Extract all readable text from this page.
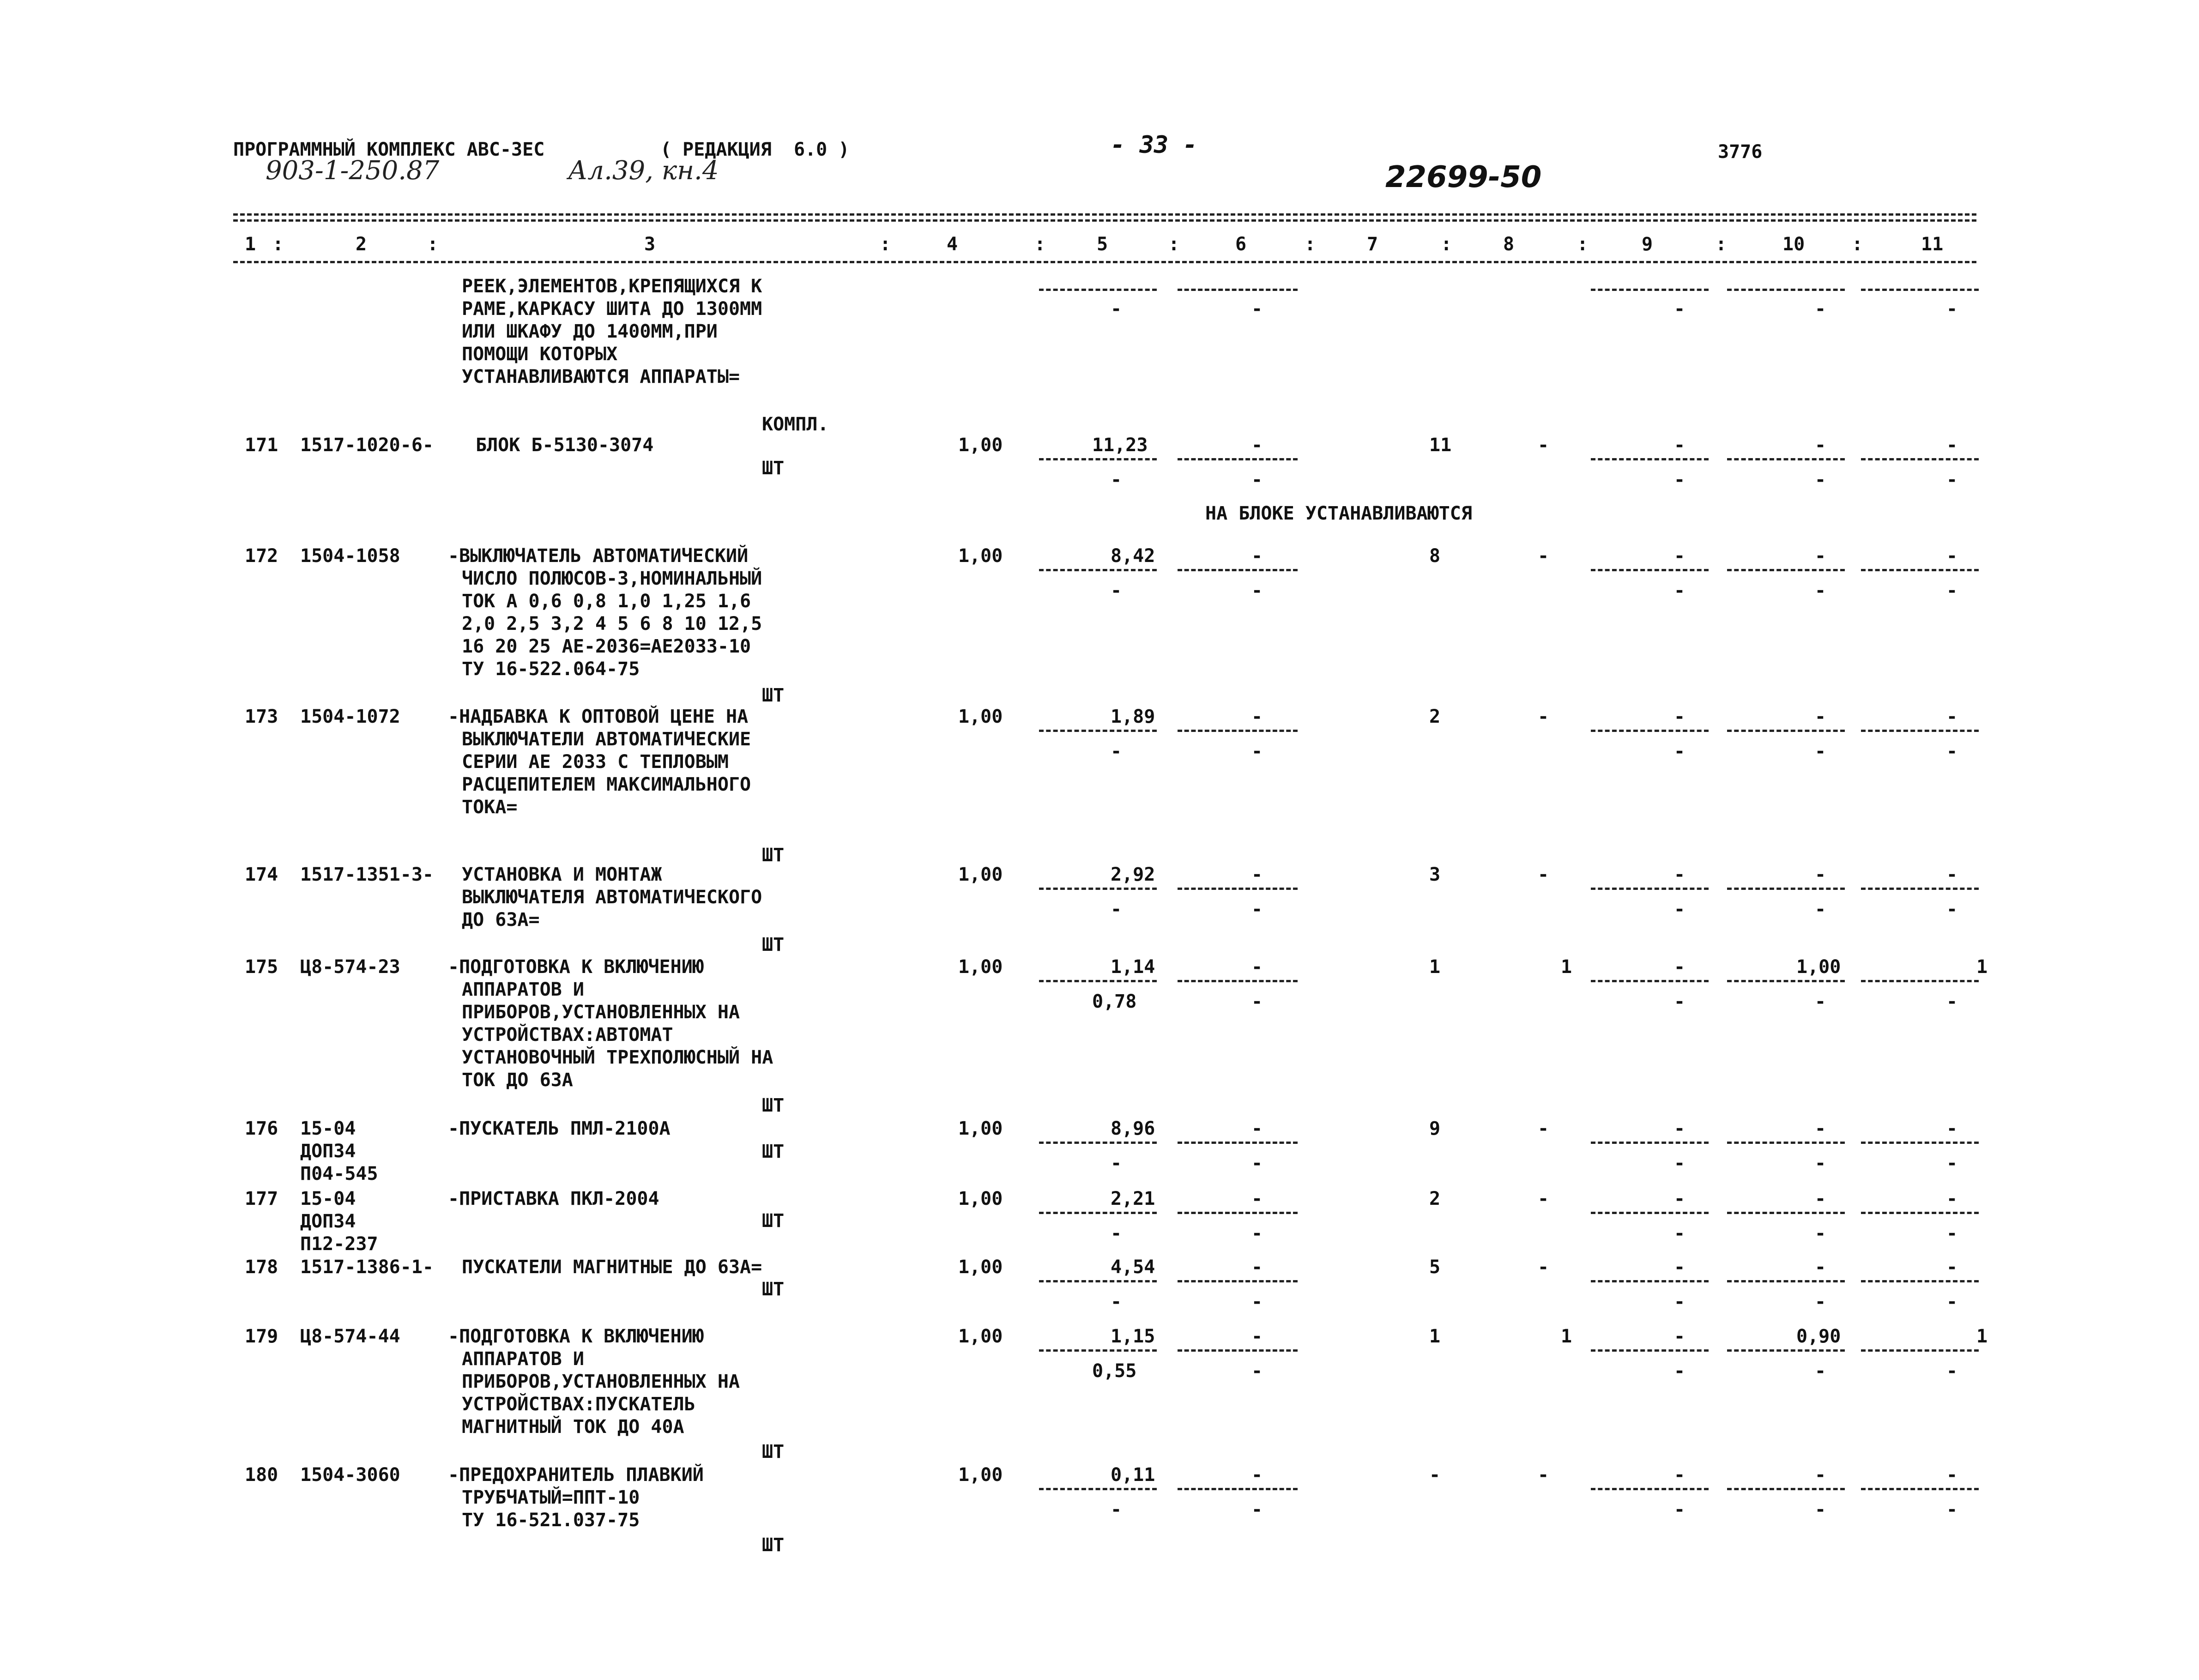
ПРОГРАММНЫЙ КОМПЛЕКС АВС-3ЕС	( РЕДАКЦИЯ  6.0 )	- 33 -	3776
903-1-250.87	Ал.39, кн.4	22699-50
1	2	3	4	5	6	7	8	9	10	11
:	:	:	:	:	:	:	:	:	:
РЕЕК,ЭЛЕМЕНТОВ,КРЕПЯЩИХСЯ К
РАМЕ,КАРКАСУ ШИТА ДО 1300ММ
ИЛИ ШКАФУ ДО 1400ММ,ПРИ
ПОМОЩИ КОТОРЫХ
УСТАНАВЛИВАЮТСЯ АППАРАТЫ=
-	-	-	-	-
171 1517-1020-6- БЛОК Б-5130-3074
КОМПЛ.
ШТ
1,00	11,23	-	11	-	-	-	-
-	-	-	-	-
172 1504-1058	-ВЫКЛЮЧАТЕЛЬ АВТОМАТИЧЕСКИЙ
ЧИСЛО ПОЛЮСОВ-3,НОМИНАЛЬНЫЙ
ТОК А 0,6 0,8 1,0 1,25 1,6
2,0 2,5 3,2 4 5 6 8 10 12,5
16 20 25 АЕ-2036=АЕ2033-10
ТУ 16-522.064-75
ШТ
1,00	8,42	-	8	-	-	-	-
-	-	-	-	-
173 1504-1072	-НАДБАВКА К ОПТОВОЙ ЦЕНЕ НА
ВЫКЛЮЧАТЕЛИ АВТОМАТИЧЕСКИЕ
СЕРИИ АЕ 2033 С ТЕПЛОВЫМ
РАСЦЕПИТЕЛЕМ МАКСИМАЛЬНОГО
ТОКА=
ШТ
1,00	1,89	-	2	-	-	-	-
-	-	-	-	-
174 1517-1351-3- УСТАНОВКА И МОНТАЖ
ВЫКЛЮЧАТЕЛЯ АВТОМАТИЧЕСКОГО
ДО 63А=
ШТ
1,00	2,92	-	3	-	-	-	-
-	-	-	-	-
175 Ц8-574-23	-ПОДГОТОВКА К ВКЛЮЧЕНИЮ
АППАРАТОВ И
ПРИБОРОВ,УСТАНОВЛЕННЫХ НА
УСТРОЙСТВАХ:АВТОМАТ
УСТАНОВОЧНЫЙ ТРЕХПОЛЮСНЫЙ НА
ТОК ДО 63А
ШТ
1,00	1,14	-	1	1	-	1,00	1
0,78	-	-	-	-
176 15-04
ДОП34
П04-545
-ПУСКАТЕЛЬ ПМЛ-2100А
ШТ
1,00	8,96	-	9	-	-	-	-
-	-	-	-	-
177 15-04
ДОП34
П12-237
-ПРИСТАВКА ПКЛ-2004
ШТ
1,00	2,21	-	2	-	-	-	-
-	-	-	-	-
178 1517-1386-1- ПУСКАТЕЛИ МАГНИТНЫЕ ДО 63А=
ШТ
1,00	4,54	-	5	-	-	-	-
-	-	-	-	-
179 Ц8-574-44	-ПОДГОТОВКА К ВКЛЮЧЕНИЮ
АППАРАТОВ И
ПРИБОРОВ,УСТАНОВЛЕННЫХ НА
УСТРОЙСТВАХ:ПУСКАТЕЛЬ
МАГНИТНЫЙ ТОК ДО 40А
ШТ
1,00	1,15	-	1	1	-	0,90	1
0,55	-	-	-	-
180 1504-3060	-ПРЕДОХРАНИТЕЛЬ ПЛАВКИЙ
ТРУБЧАТЫЙ=ППТ-10
ТУ 16-521.037-75
ШТ
1,00	0,11	-	-	-	-	-	-
-	-	-	-	-
НА БЛОКЕ УСТАНАВЛИВАЮТСЯ
